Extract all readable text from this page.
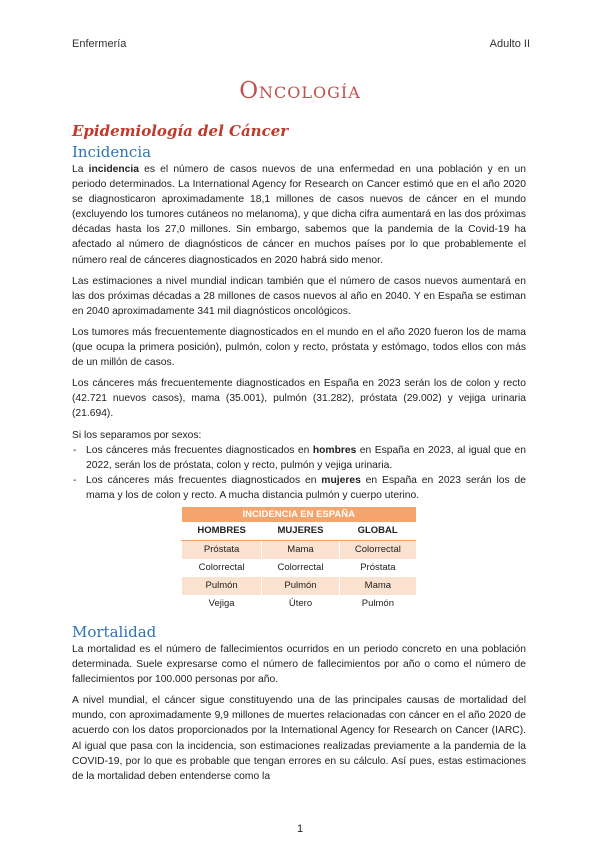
Enfermería	Adulto II
Oncología
Epidemiología del Cáncer
Incidencia

La incidencia es el número de casos nuevos de una enfermedad en una población y en un periodo determinados. La International Agency for Research on Cancer estimó que en el año 2020 se diagnosticaron aproximadamente 18,1 millones de casos nuevos de cáncer en el mundo (excluyendo los tumores cutáneos no melanoma), y que dicha cifra aumentará en las dos próximas décadas hasta los 27,0 millones. Sin embargo, sabemos que la pandemia de la Covid-19 ha afectado al número de diagnósticos de cáncer en muchos países por lo que probablemente el número real de cánceres diagnosticados en 2020 habrá sido menor.

Las estimaciones a nivel mundial indican también que el número de casos nuevos aumentará en las dos próximas décadas a 28 millones de casos nuevos al año en 2040. Y en España se estiman en 2040 aproximadamente 341 mil diagnósticos oncológicos.

Los tumores más frecuentemente diagnosticados en el mundo en el año 2020 fueron los de mama (que ocupa la primera posición), pulmón, colon y recto, próstata y estómago, todos ellos con más de un millón de casos.

Los cánceres más frecuentemente diagnosticados en España en 2023 serán los de colon y recto (42.721 nuevos casos), mama (35.001), pulmón (31.282), próstata (29.002) y vejiga urinaria (21.694).

Si los separamos por sexos:

- Los cánceres más frecuentes diagnosticados en hombres en España en 2023, al igual que en 2022, serán los de próstata, colon y recto, pulmón y vejiga urinaria.
- Los cánceres más frecuentes diagnosticados en mujeres en España en 2023 serán los de mama y los de colon y recto. A mucha distancia pulmón y cuerpo uterino.
INCIDENCIA EN ESPAÑA		
HOMBRES	MUJERES	GLOBAL
Próstata	Mama	Colorrectal
Colorrectal	Colorrectal	Próstata
Pulmón	Pulmón	Mama
Vejiga	Útero	Pulmón
Mortalidad

La mortalidad es el número de fallecimientos ocurridos en un periodo concreto en una población determinada. Suele expresarse como el número de fallecimientos por año o como el número de fallecimientos por 100.000 personas por año.

A nivel mundial, el cáncer sigue constituyendo una de las principales causas de mortalidad del mundo, con aproximadamente 9,9 millones de muertes relacionadas con cáncer en el año 2020 de acuerdo con los datos proporcionados por la International Agency for Research on Cancer (IARC). Al igual que pasa con la incidencia, son estimaciones realizadas previamente a la pandemia de la COVID-19, por lo que es probable que tengan errores en su cálculo. Así pues, estas estimaciones de la mortalidad deben entenderse como la

1
